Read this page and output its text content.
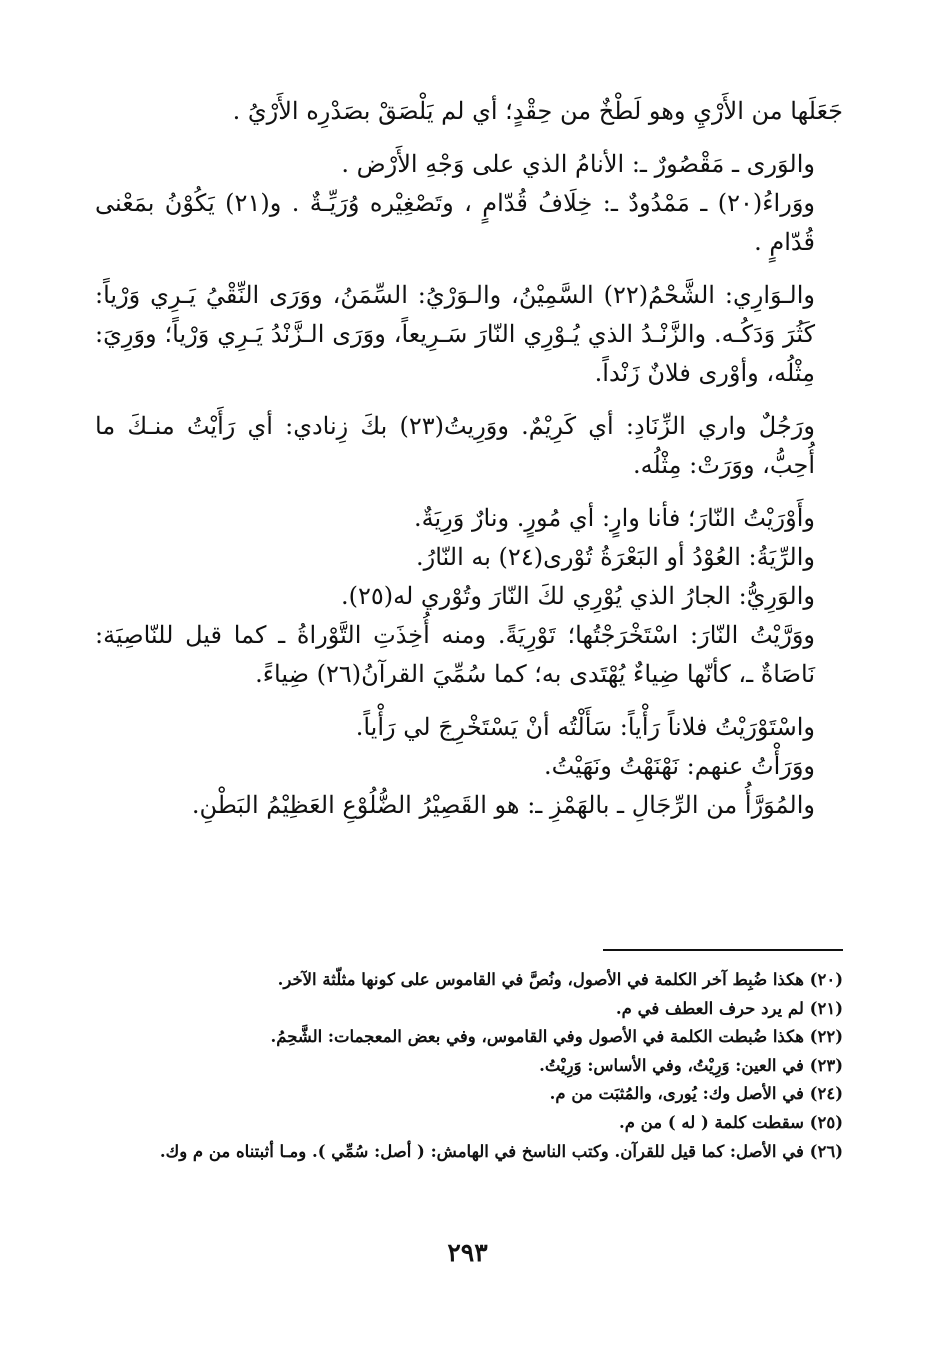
جَعَلَها من الأَرْيِ وهو لَطْخٌ من حِقْدٍ؛ أي لم يَلْصَقْ بصَدْرِه الأَرْيُ .

والوَرى ـ مَقْصُورٌ ـ: الأنامُ الذي على وَجْهِ الأَرْض .

ووَراءُ(٢٠) ـ مَمْدُودٌ ـ: خِلَافُ قُدّامٍ ، وتَصْغِيْره وُرَيِّـةٌ . و(٢١) يَكُوْنُ بمَعْنى قُدّامٍ .

والـوَارِي: الشَّحْمُ(٢٢) السَّمِيْنُ، والـوَرْيُ: السِّمَنُ، ووَرَى النِّقْيُ يَـرِي وَرْياً: كَثُرَ وَدَكُـه. والزَّنْـدُ الذي يُـوْرِي النّارَ سَـرِيعاً، ووَرَى الـزَّنْدُ يَـرِي وَرْياً؛ ووَرِيَ: مِثْلُه، وأوْرى فلانٌ زَنْداً.

ورَجُلٌ واري الزِّنَادِ: أي كَرِيْمٌ. ووَرِيتُ(٢٣) بكَ زِنادي: أي رَأَيْتُ منـكَ ما أُحِبُّ، ووَرَتْ: مِثْلُه.

وأَوْرَيْتُ النّارَ؛ فأنا وارٍ: أي مُورٍ. ونارٌ وَرِيَةٌ.

والرِّيَةُ: العُوْدُ أو البَعْرَةُ تُوْرى(٢٤) به النّارُ.

والوَرِيُّ: الجارُ الذي يُوْرِي لكَ النّارَ وتُوْري له(٢٥).

ووَرَّيْتُ النّارَ: اسْتَخْرَجْتُها؛ تَوْرِيَةً. ومنه أُخِذَتِ التَّوْراةُ ـ كما قيل للنّاصِيَة: نَاصَاةٌ ـ، كأنّها ضِياءٌ يُهْتَدى به؛ كما سُمِّيَ القرآنُ(٢٦) ضِياءً.

واسْتَوْرَيْتُ فلاناً رَأْياً: سَأَلْتُه أنْ يَسْتَخْرِجَ لي رَأْياً.

ووَرَأْتُ عنهم: نَهْنَهْتُ ونَهَيْتُ.

والمُوَرَّأُ من الرِّجَالِ ـ بالهَمْزِ ـ: هو القَصِيْرُ الضُّلُوْعِ العَظِيْمُ البَطْنِ.

(٢٠) هكذا ضُبِط آخر الكلمة في الأصول، ونُصَّ في القاموس على كونها مثلّثة الآخر.
(٢١) لم يرد حرف العطف في م.
(٢٢) هكذا ضُبطت الكلمة في الأصول وفي القاموس، وفي بعض المعجمات: الشَّحِمُ.
(٢٣) في العين: وَرِيْتُ، وفي الأساس: وَرِيْتُ.
(٢٤) في الأصل وك: يُورى، والمُثبَت من م.
(٢٥) سقطت كلمة ( له ) من م.
(٢٦) في الأصل: كما قيل للقرآن. وكتب الناسخ في الهامش: ( أصل: سُمِّي ). ومـا أثبتناه من م وك.
٢٩٣
